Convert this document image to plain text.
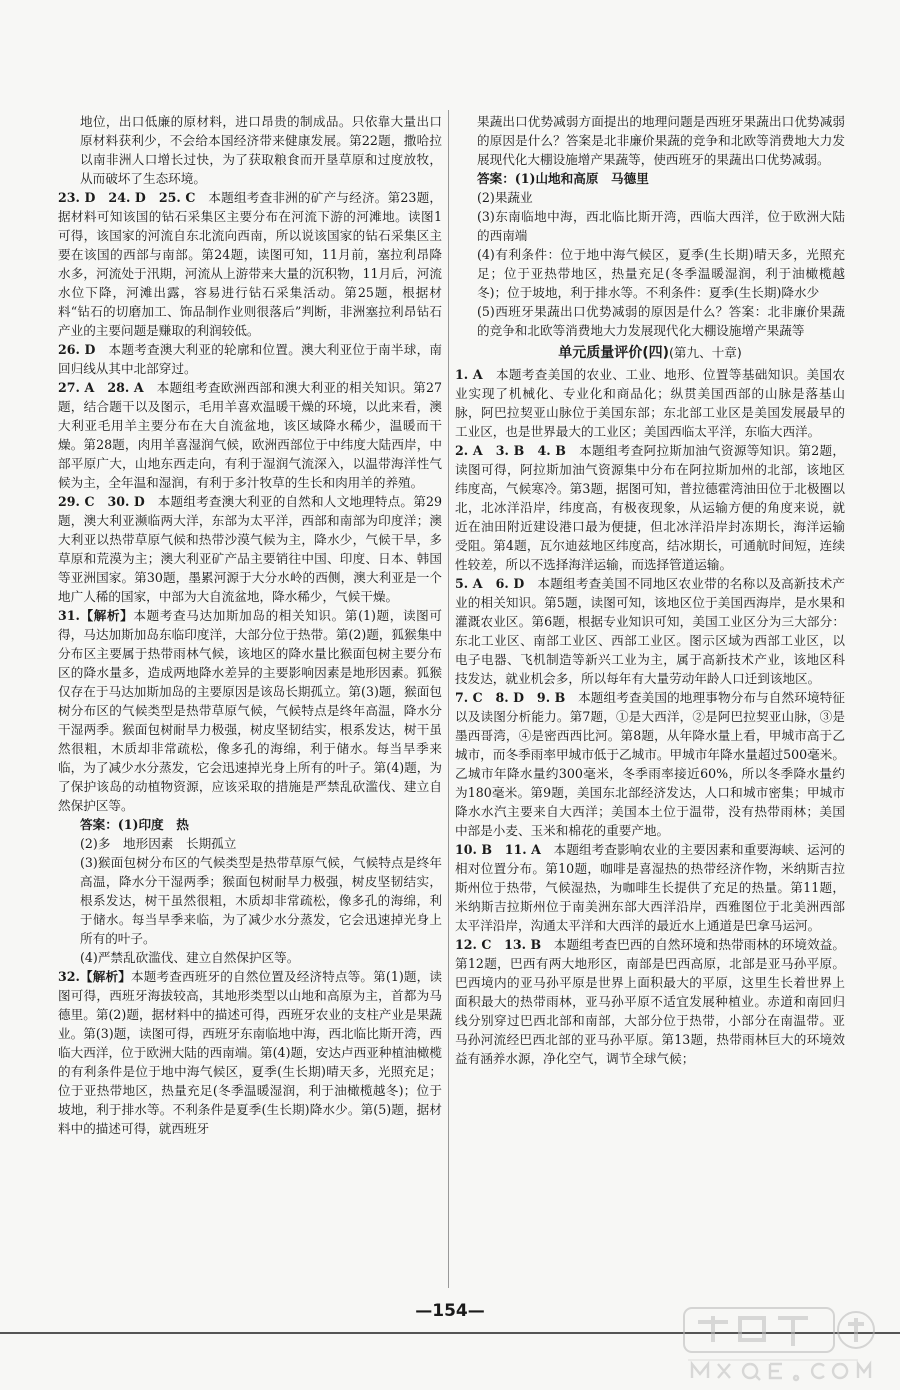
地位，出口低廉的原材料，进口昂贵的制成品。只依靠大量出口原材料获利少，不会给本国经济带来健康发展。第22题，撒哈拉以南非洲人口增长过快，为了获取粮食而开垦草原和过度放牧，从而破坏了生态环境。

23. D　24. D　25. C　本题组考查非洲的矿产与经济。第23题，据材料可知该国的钻石采集区主要分布在河流下游的河滩地。读图1可得，该国家的河流自东北流向西南，所以说该国家的钻石采集区主要在该国的西部与南部。第24题，读图可知，11月前，塞拉利昂降水多，河流处于汛期，河流从上游带来大量的沉积物，11月后，河流水位下降，河滩出露，容易进行钻石采集活动。第25题，根据材料“钻石的切磨加工、饰品制作业则很落后”判断，非洲塞拉利昂钻石产业的主要问题是赚取的利润较低。

26. D　本题考查澳大利亚的轮廓和位置。澳大利亚位于南半球，南回归线从其中北部穿过。

27. A　28. A　本题组考查欧洲西部和澳大利亚的相关知识。第27题，结合题干以及图示，毛用羊喜欢温暖干燥的环境，以此来看，澳大利亚毛用羊主要分布在大自流盆地，该区域降水稀少，温暖而干燥。第28题，肉用羊喜湿润气候，欧洲西部位于中纬度大陆西岸，中部平原广大，山地东西走向，有利于湿润气流深入，以温带海洋性气候为主，全年温和湿润，有利于多汁牧草的生长和肉用羊的养殖。

29. C　30. D　本题组考查澳大利亚的自然和人文地理特点。第29题，澳大利亚濒临两大洋，东部为太平洋，西部和南部为印度洋；澳大利亚以热带草原气候和热带沙漠气候为主，降水少，气候干旱，多草原和荒漠为主；澳大利亚矿产品主要销往中国、印度、日本、韩国等亚洲国家。第30题，墨累河源于大分水岭的西侧，澳大利亚是一个地广人稀的国家，中部为大自流盆地，降水稀少，气候干燥。

31.【解析】本题考查马达加斯加岛的相关知识。第(1)题，读图可得，马达加斯加岛东临印度洋，大部分位于热带。第(2)题，狐猴集中分布区主要属于热带雨林气候，该地区的降水量比猴面包树主要分布区的降水量多，造成两地降水差异的主要影响因素是地形因素。狐猴仅存在于马达加斯加岛的主要原因是该岛长期孤立。第(3)题，猴面包树分布区的气候类型是热带草原气候，气候特点是终年高温，降水分干湿两季。猴面包树耐旱力极强，树皮坚韧结实，根系发达，树干虽然很粗，木质却非常疏松，像多孔的海绵，利于储水。每当旱季来临，为了减少水分蒸发，它会迅速掉光身上所有的叶子。第(4)题，为了保护该岛的动植物资源，应该采取的措施是严禁乱砍滥伐、建立自然保护区等。

答案：(1)印度　热

(2)多　地形因素　长期孤立

(3)猴面包树分布区的气候类型是热带草原气候，气候特点是终年高温，降水分干湿两季；猴面包树耐旱力极强，树皮坚韧结实，根系发达，树干虽然很粗，木质却非常疏松，像多孔的海绵，利于储水。每当旱季来临，为了减少水分蒸发，它会迅速掉光身上所有的叶子。

(4)严禁乱砍滥伐、建立自然保护区等。

32.【解析】本题考查西班牙的自然位置及经济特点等。第(1)题，读图可得，西班牙海拔较高，其地形类型以山地和高原为主，首都为马德里。第(2)题，据材料中的描述可得，西班牙农业的支柱产业是果蔬业。第(3)题，读图可得，西班牙东南临地中海，西北临比斯开湾，西临大西洋，位于欧洲大陆的西南端。第(4)题，安达卢西亚种植油橄榄的有利条件是位于地中海气候区，夏季(生长期)晴天多，光照充足；位于亚热带地区，热量充足(冬季温暖湿润，利于油橄榄越冬)；位于坡地，利于排水等。不利条件是夏季(生长期)降水少。第(5)题，据材料中的描述可得，就西班牙

果蔬出口优势减弱方面提出的地理问题是西班牙果蔬出口优势减弱的原因是什么？答案是北非廉价果蔬的竞争和北欧等消费地大力发展现代化大棚设施增产果蔬等，使西班牙的果蔬出口优势减弱。

答案：(1)山地和高原　马德里

(2)果蔬业

(3)东南临地中海，西北临比斯开湾，西临大西洋，位于欧洲大陆的西南端

(4)有利条件：位于地中海气候区，夏季(生长期)晴天多，光照充足；位于亚热带地区，热量充足(冬季温暖湿润，利于油橄榄越冬)；位于坡地，利于排水等。不利条件：夏季(生长期)降水少

(5)西班牙果蔬出口优势减弱的原因是什么？答案：北非廉价果蔬的竞争和北欧等消费地大力发展现代化大棚设施增产果蔬等

单元质量评价(四)(第九、十章)

1. A　本题考查美国的农业、工业、地形、位置等基础知识。美国农业实现了机械化、专业化和商品化；纵贯美国西部的山脉是落基山脉，阿巴拉契亚山脉位于美国东部；东北部工业区是美国发展最早的工业区，也是世界最大的工业区；美国西临太平洋，东临大西洋。

2. A　3. B　4. B　本题组考查阿拉斯加油气资源等知识。第2题，读图可得，阿拉斯加油气资源集中分布在阿拉斯加州的北部，该地区纬度高，气候寒冷。第3题，据图可知，普拉德霍湾油田位于北极圈以北，北冰洋沿岸，纬度高，有极夜现象，从运输方便的角度来说，就近在油田附近建设港口最为便捷，但北冰洋沿岸封冻期长，海洋运输受阻。第4题，瓦尔迪兹地区纬度高，结冰期长，可通航时间短，连续性较差，所以不选择海洋运输，而选择管道运输。

5. A　6. D　本题组考查美国不同地区农业带的名称以及高新技术产业的相关知识。第5题，读图可知，该地区位于美国西海岸，是水果和灌溉农业区。第6题，根据专业知识可知，美国工业区分为三大部分：东北工业区、南部工业区、西部工业区。图示区域为西部工业区，以电子电器、飞机制造等新兴工业为主，属于高新技术产业，该地区科技发达，就业机会多，所以每年有大量劳动年龄人口迁到该地区。

7. C　8. D　9. B　本题组考查美国的地理事物分布与自然环境特征以及读图分析能力。第7题，①是大西洋，②是阿巴拉契亚山脉，③是墨西哥湾，④是密西西比河。第8题，从年降水量上看，甲城市高于乙城市，而冬季雨率甲城市低于乙城市。甲城市年降水量超过500毫米。乙城市年降水量约300毫米，冬季雨率接近60%，所以冬季降水量约为180毫米。第9题，美国东北部经济发达，人口和城市密集；甲城市降水水汽主要来自大西洋；美国本土位于温带，没有热带雨林；美国中部是小麦、玉米和棉花的重要产地。

10. B　11. A　本题组考查影响农业的主要因素和重要海峡、运河的相对位置分布。第10题，咖啡是喜湿热的热带经济作物，米纳斯吉拉斯州位于热带，气候湿热，为咖啡生长提供了充足的热量。第11题，米纳斯吉拉斯州位于南美洲东部大西洋沿岸，西雅图位于北美洲西部太平洋沿岸，沟通太平洋和大西洋的最近水上通道是巴拿马运河。

12. C　13. B　本题组考查巴西的自然环境和热带雨林的环境效益。第12题，巴西有两大地形区，南部是巴西高原，北部是亚马孙平原。巴西境内的亚马孙平原是世界上面积最大的平原，这里生长着世界上面积最大的热带雨林，亚马孙平原不适宜发展种植业。赤道和南回归线分别穿过巴西北部和南部，大部分位于热带，小部分在南温带。亚马孙河流经巴西北部的亚马孙平原。第13题，热带雨林巨大的环境效益有涵养水源，净化空气，调节全球气候；

—154—
